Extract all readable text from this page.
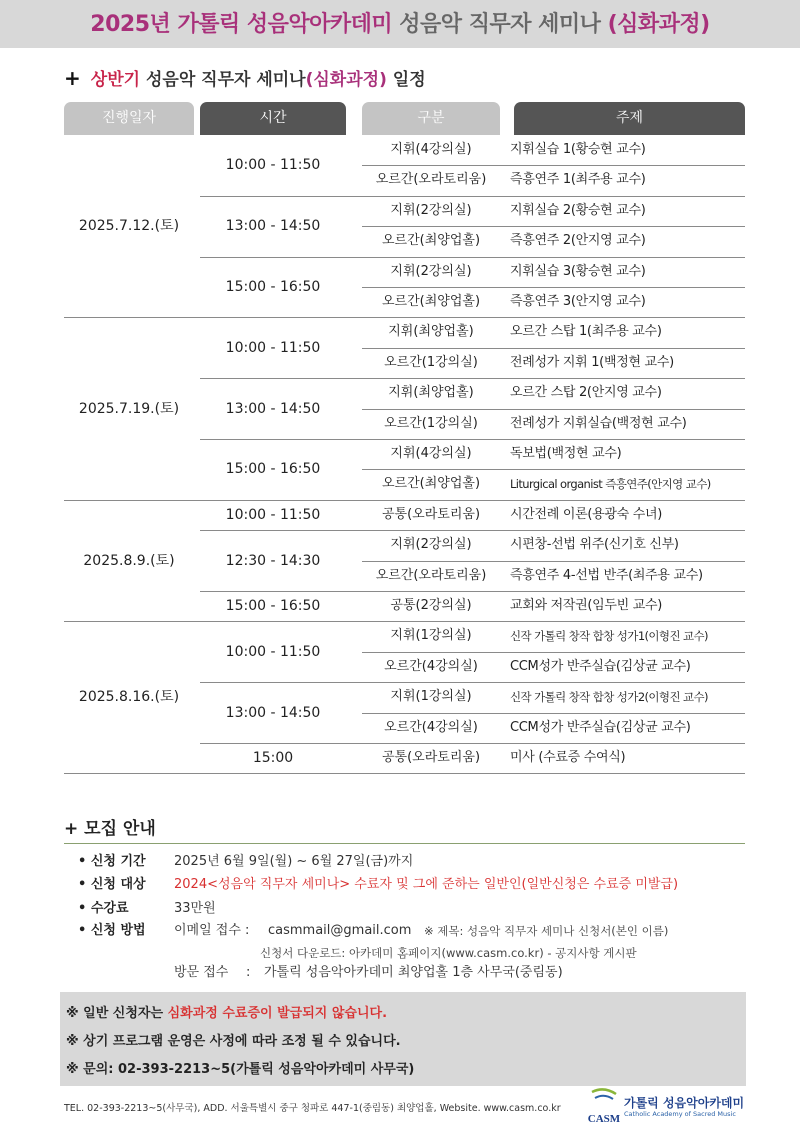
2025년 가톨릭 성음악아카데미 성음악 직무자 세미나 (심화과정)
+ 상반기 성음악 직무자 세미나(심화과정) 일정
진행일자	시간	구분	주제
2025.7.12.(토)
10:00 - 11:50
지휘(4강의실)	지휘실습 1(황승현 교수)
오르간(오라토리움)	즉흥연주 1(최주용 교수)
13:00 - 14:50
지휘(2강의실)	지휘실습 2(황승현 교수)
오르간(최양업홀)	즉흥연주 2(안지영 교수)
15:00 - 16:50
지휘(2강의실)	지휘실습 3(황승현 교수)
오르간(최양업홀)	즉흥연주 3(안지영 교수)
2025.7.19.(토)
10:00 - 11:50
지휘(최양업홀)	오르간 스탑 1(최주용 교수)
오르간(1강의실)	전례성가 지휘 1(백정현 교수)
13:00 - 14:50
지휘(최양업홀)	오르간 스탑 2(안지영 교수)
오르간(1강의실)	전례성가 지휘실습(백정현 교수)
15:00 - 16:50
지휘(4강의실)	독보법(백정현 교수)
오르간(최양업홀)	Liturgical organist 즉흥연주(안지영 교수)
2025.8.9.(토)
10:00 - 11:50	공통(오라토리움)	시간전례 이론(용광숙 수녀)
12:30 - 14:30
지휘(2강의실)	시편창-선법 위주(신기호 신부)
오르간(오라토리움)	즉흥연주 4-선법 반주(최주용 교수)
15:00 - 16:50	공통(2강의실)	교회와 저작권(임두빈 교수)
2025.8.16.(토)
10:00 - 11:50
지휘(1강의실)	신작 가톨릭 창작 합창 성가1(이형진 교수)
오르간(4강의실)	CCM성가 반주실습(김상균 교수)
13:00 - 14:50
지휘(1강의실)	신작 가톨릭 창작 합창 성가2(이형진 교수)
오르간(4강의실)	CCM성가 반주실습(김상균 교수)
15:00	공통(오라토리움)	미사 (수료증 수여식)
+ 모집 안내
• 신청 기간 2025년 6월 9일(월) ~ 6월 27일(금)까지
• 신청 대상 2024<성음악 직무자 세미나> 수료자 및 그에 준하는 일반인(일반신청은 수료증 미발급)
• 수강료	33만원
• 신청 방법 이메일 접수 : casmmail@gmail.com ※ 제목: 성음악 직무자 세미나 신청서(본인 이름)
신청서 다운로드: 아카데미 홈페이지(www.casm.co.kr) - 공지사항 게시판
방문 접수 : 가톨릭 성음악아카데미 최양업홀 1층 사무국(중림동)
※ 일반 신청자는 심화과정 수료증이 발급되지 않습니다.
※ 상기 프로그램 운영은 사정에 따라 조정 될 수 있습니다.
※ 문의: 02-393-2213~5(가톨릭 성음악아카데미 사무국)
TEL. 02-393-2213~5(사무국), ADD. 서울특별시 중구 청파로 447-1(중림동) 최양업홀, Website. www.casm.co.kr
CASM
가톨릭 성음악아카데미
Catholic Academy of Sacred Music
